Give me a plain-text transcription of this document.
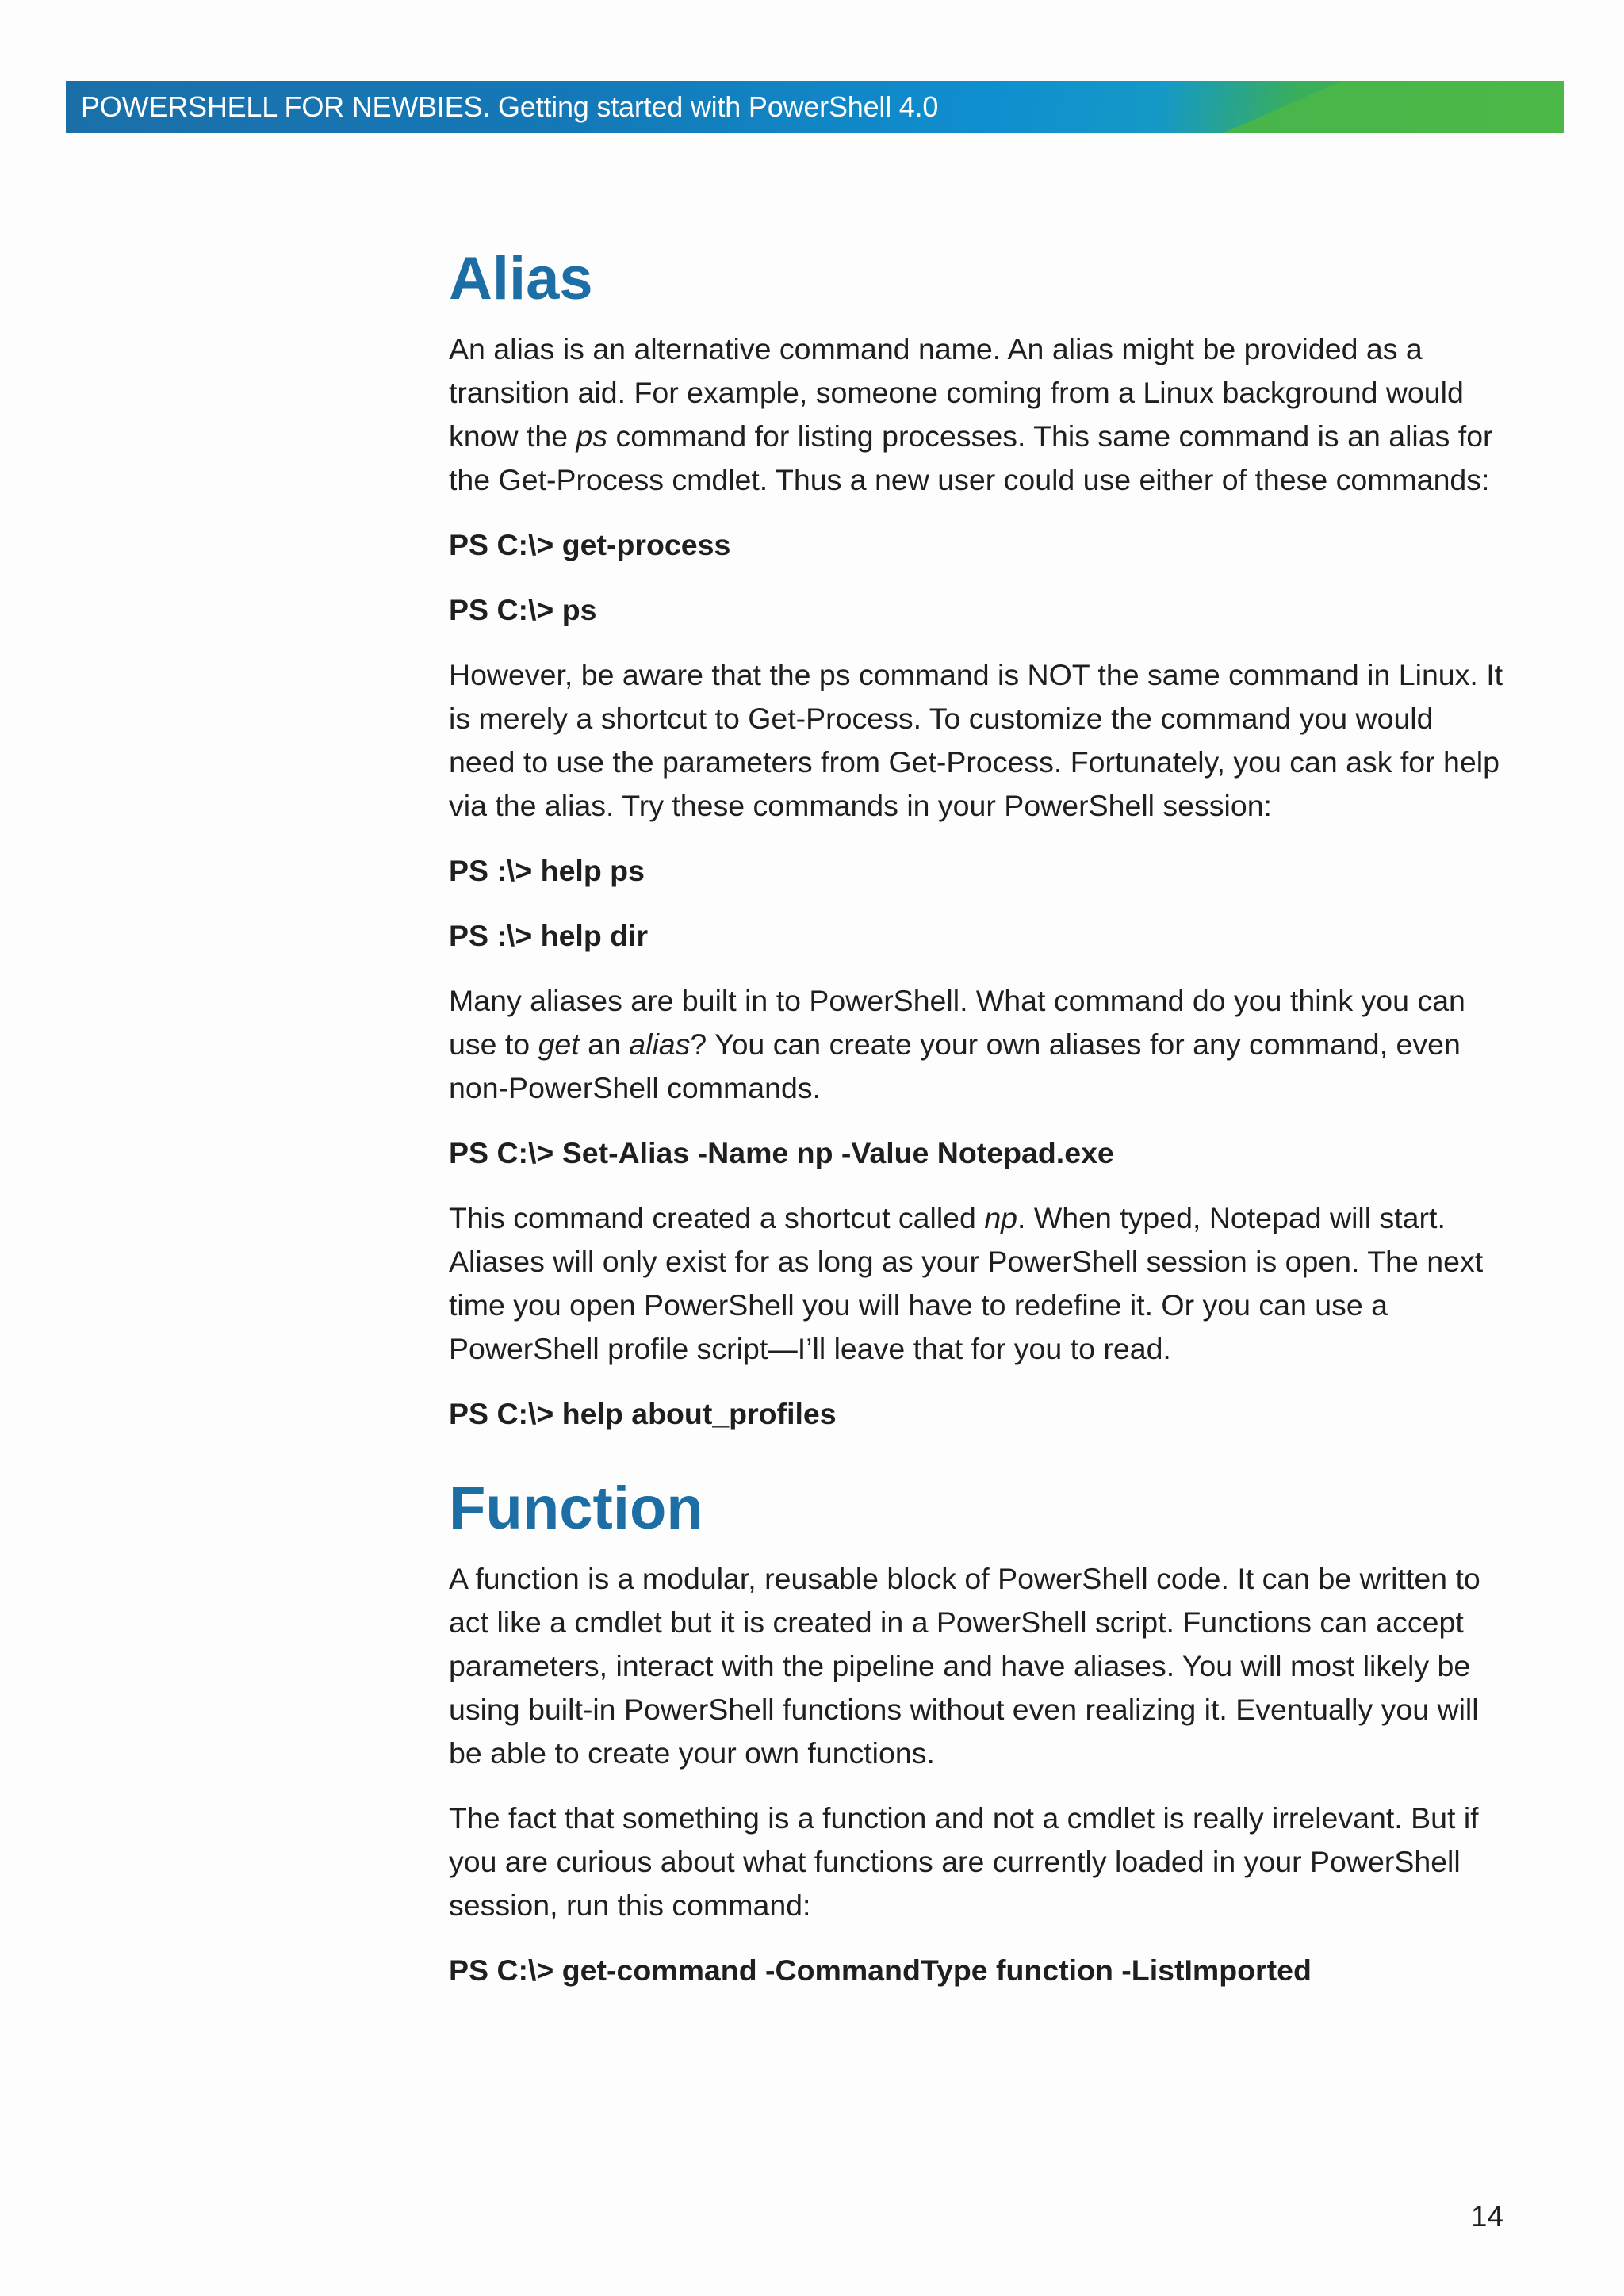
POWERSHELL FOR NEWBIES. Getting started with PowerShell 4.0
Alias

An alias is an alternative command name. An alias might be provided as a transition aid. For example, someone coming from a Linux background would know the ps command for listing processes. This same command is an alias for the Get-Process cmdlet. Thus a new user could use either of these commands:

PS C:\> get-process

PS C:\> ps

However, be aware that the ps command is NOT the same command in Linux. It is merely a shortcut to Get-Process. To customize the command you would need to use the parameters from Get-Process. Fortunately, you can ask for help via the alias. Try these commands in your PowerShell session:

PS :\> help ps

PS :\> help dir

Many aliases are built in to PowerShell. What command do you think you can use to get an alias? You can create your own aliases for any command, even non-PowerShell commands.

PS C:\> Set-Alias -Name np -Value Notepad.exe

This command created a shortcut called np. When typed, Notepad will start. Aliases will only exist for as long as your PowerShell session is open. The next time you open PowerShell you will have to redefine it. Or you can use a PowerShell profile script—I’ll leave that for you to read.

PS C:\> help about_profiles

Function

A function is a modular, reusable block of PowerShell code. It can be written to act like a cmdlet but it is created in a PowerShell script. Functions can accept parameters, interact with the pipeline and have aliases. You will most likely be using built-in PowerShell functions without even realizing it. Eventually you will be able to create your own functions.

The fact that something is a function and not a cmdlet is really irrelevant. But if you are curious about what functions are currently loaded in your PowerShell session, run this command:

PS C:\> get-command -CommandType function -ListImported

14
